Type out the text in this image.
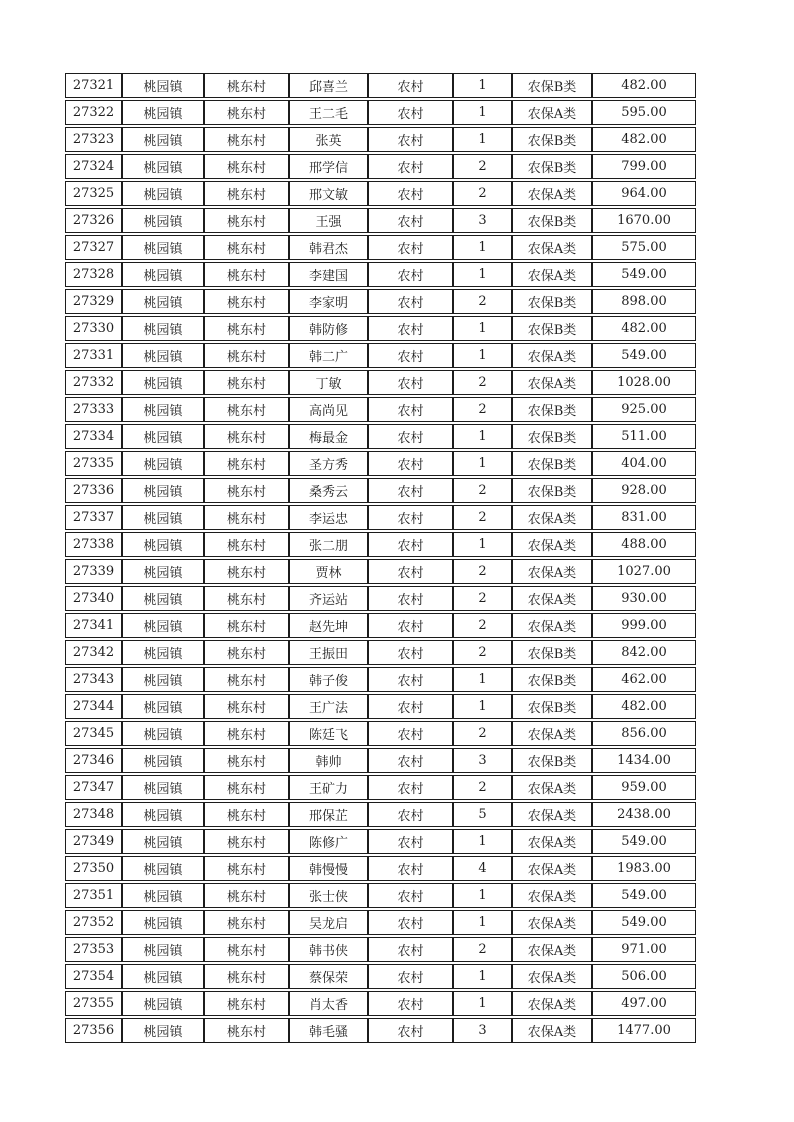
27321	桃园镇	桃东村	邱喜兰	农村	1	农保B类	482.00
27322	桃园镇	桃东村	王二毛	农村	1	农保A类	595.00
27323	桃园镇	桃东村	张英	农村	1	农保B类	482.00
27324	桃园镇	桃东村	邢学信	农村	2	农保B类	799.00
27325	桃园镇	桃东村	邢文敏	农村	2	农保A类	964.00
27326	桃园镇	桃东村	王强	农村	3	农保B类	1670.00
27327	桃园镇	桃东村	韩君杰	农村	1	农保A类	575.00
27328	桃园镇	桃东村	李建国	农村	1	农保A类	549.00
27329	桃园镇	桃东村	李家明	农村	2	农保B类	898.00
27330	桃园镇	桃东村	韩防修	农村	1	农保B类	482.00
27331	桃园镇	桃东村	韩二广	农村	1	农保A类	549.00
27332	桃园镇	桃东村	丁敏	农村	2	农保A类	1028.00
27333	桃园镇	桃东村	高尚见	农村	2	农保B类	925.00
27334	桃园镇	桃东村	梅最金	农村	1	农保B类	511.00
27335	桃园镇	桃东村	圣方秀	农村	1	农保B类	404.00
27336	桃园镇	桃东村	桑秀云	农村	2	农保B类	928.00
27337	桃园镇	桃东村	李运忠	农村	2	农保A类	831.00
27338	桃园镇	桃东村	张二朋	农村	1	农保A类	488.00
27339	桃园镇	桃东村	贾林	农村	2	农保A类	1027.00
27340	桃园镇	桃东村	齐运站	农村	2	农保A类	930.00
27341	桃园镇	桃东村	赵先坤	农村	2	农保A类	999.00
27342	桃园镇	桃东村	王振田	农村	2	农保B类	842.00
27343	桃园镇	桃东村	韩子俊	农村	1	农保B类	462.00
27344	桃园镇	桃东村	王广法	农村	1	农保B类	482.00
27345	桃园镇	桃东村	陈廷飞	农村	2	农保A类	856.00
27346	桃园镇	桃东村	韩帅	农村	3	农保B类	1434.00
27347	桃园镇	桃东村	王矿力	农村	2	农保A类	959.00
27348	桃园镇	桃东村	邢保芷	农村	5	农保A类	2438.00
27349	桃园镇	桃东村	陈修广	农村	1	农保A类	549.00
27350	桃园镇	桃东村	韩慢慢	农村	4	农保A类	1983.00
27351	桃园镇	桃东村	张士侠	农村	1	农保A类	549.00
27352	桃园镇	桃东村	吴龙启	农村	1	农保A类	549.00
27353	桃园镇	桃东村	韩书侠	农村	2	农保A类	971.00
27354	桃园镇	桃东村	蔡保荣	农村	1	农保A类	506.00
27355	桃园镇	桃东村	肖太香	农村	1	农保A类	497.00
27356	桃园镇	桃东村	韩毛骚	农村	3	农保A类	1477.00
